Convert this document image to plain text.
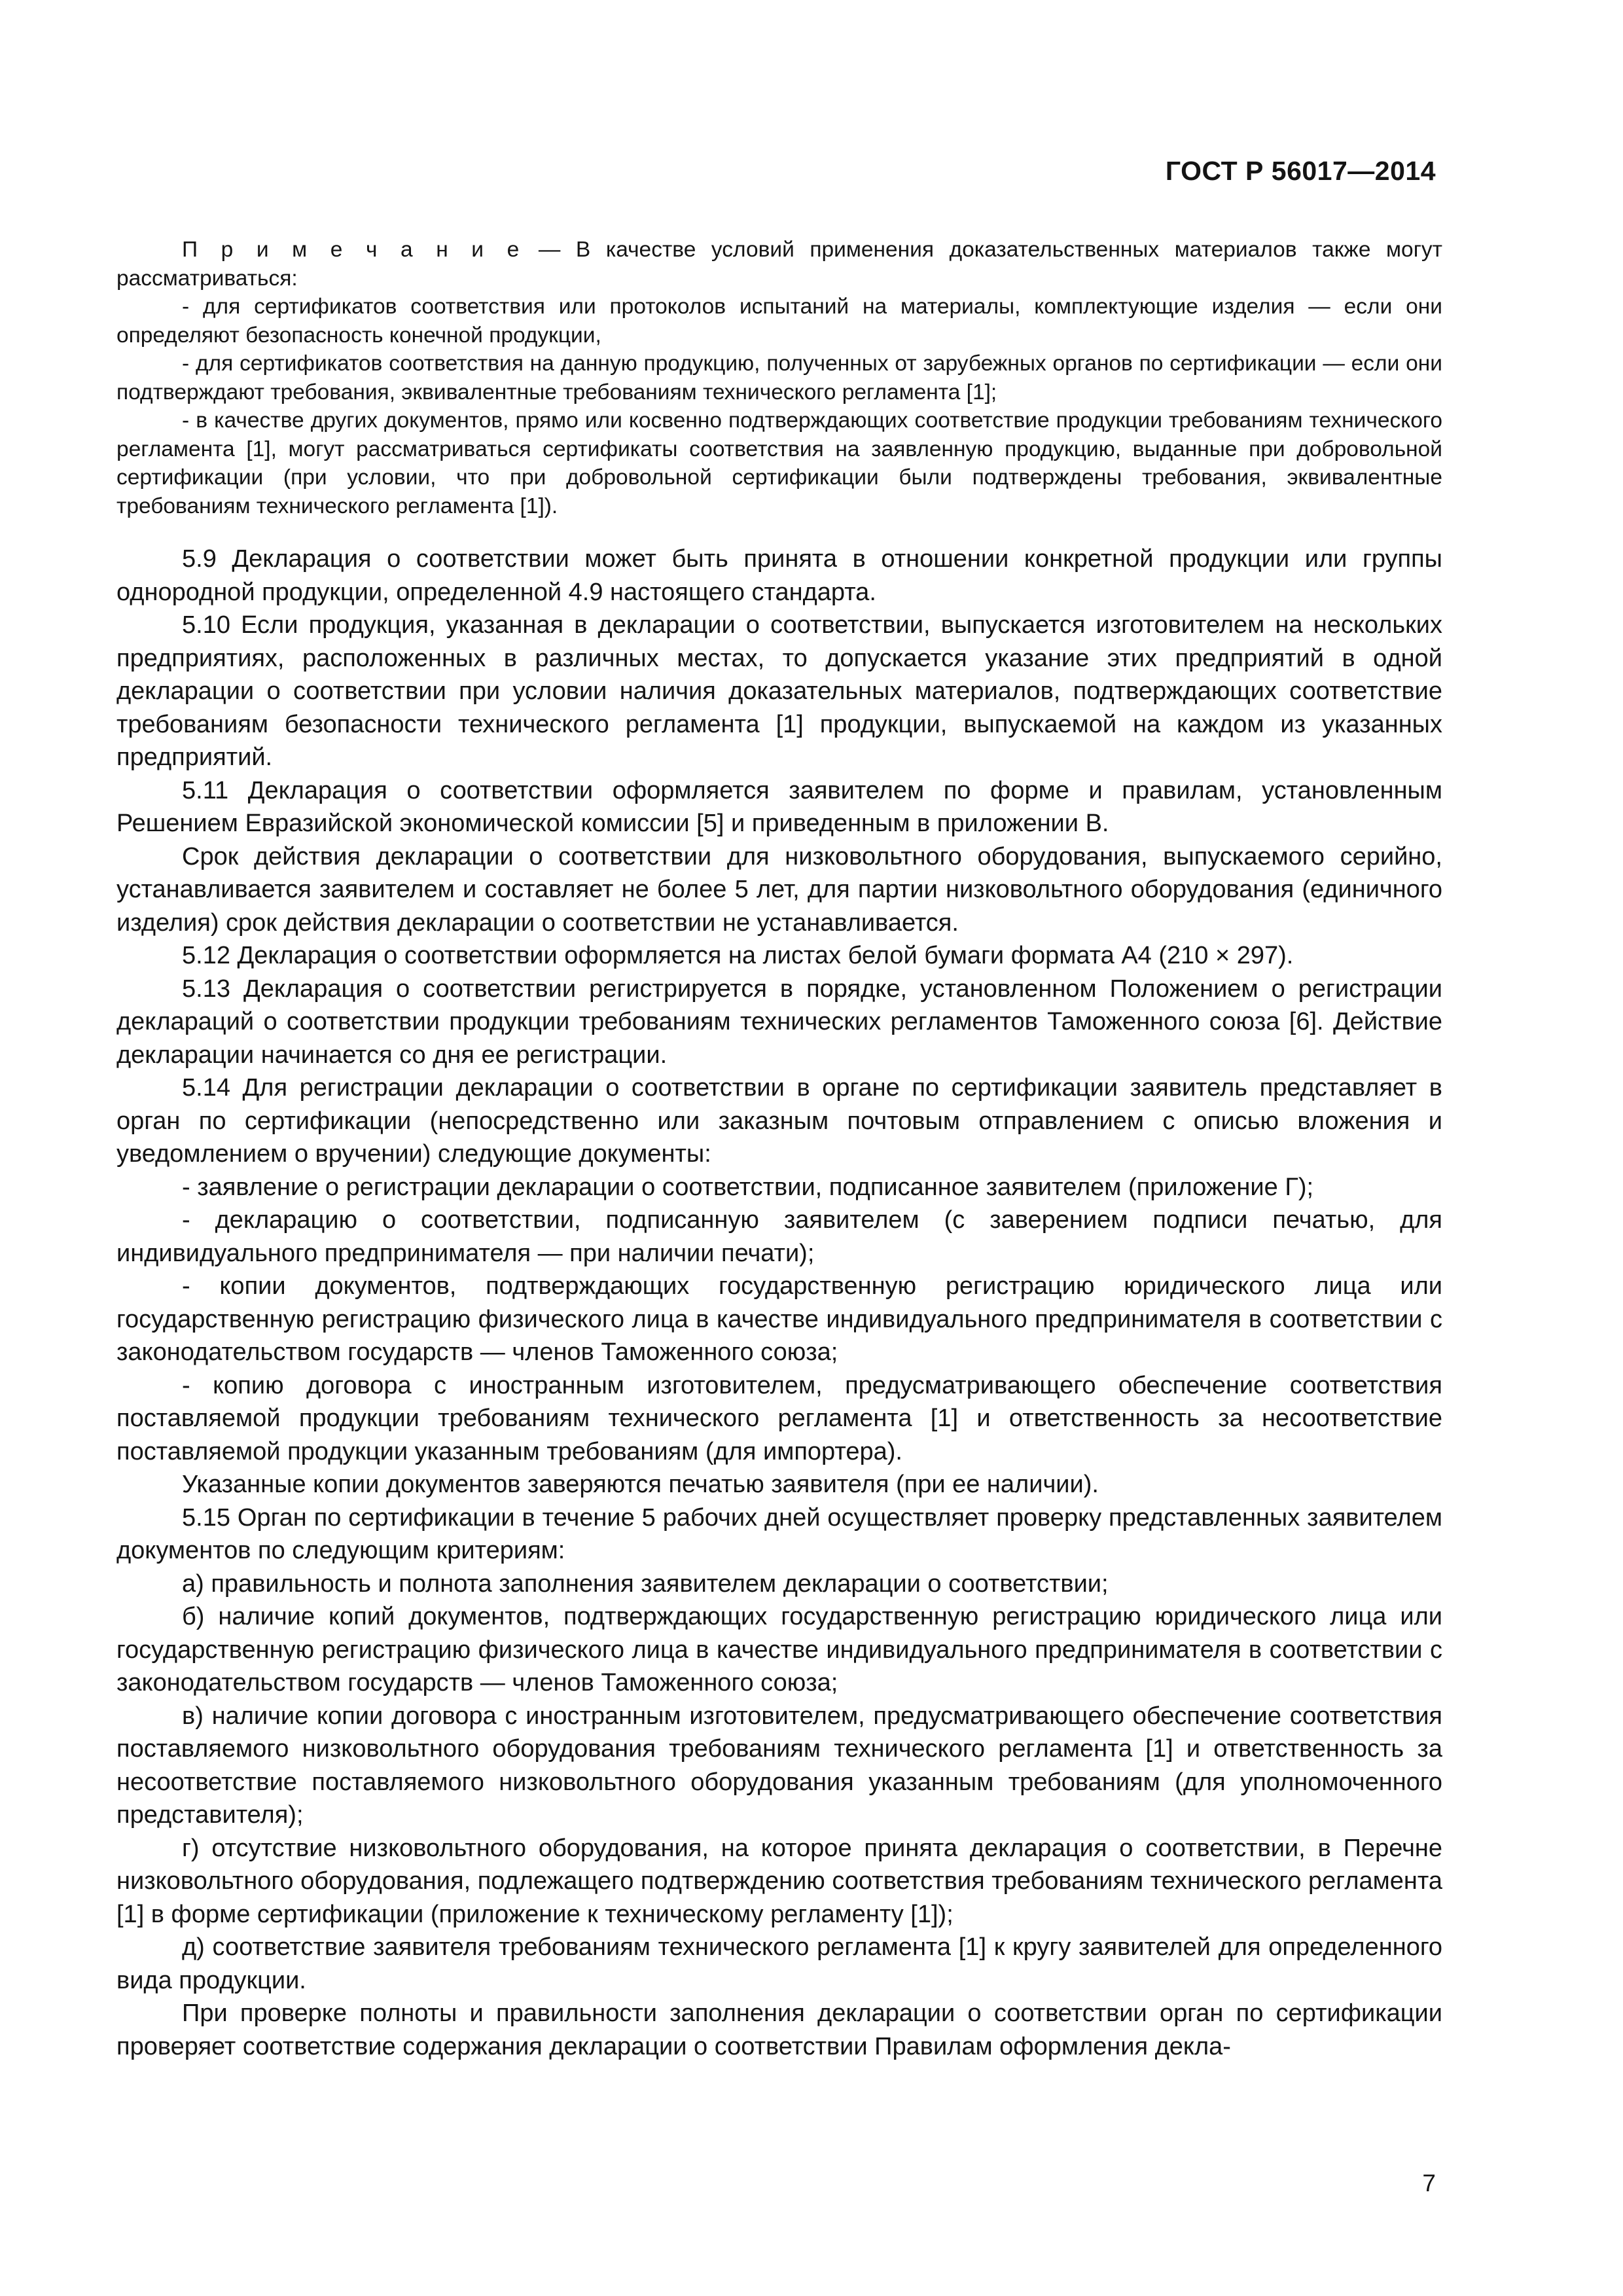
ГОСТ Р 56017—2014

П р и м е ч а н и е — В качестве условий применения доказательственных материалов также могут рассматриваться:

- для сертификатов соответствия или протоколов испытаний на материалы, комплектующие изделия — если они определяют безопасность конечной продукции,

- для сертификатов соответствия на данную продукцию, полученных от зарубежных органов по сертификации — если они подтверждают требования, эквивалентные требованиям технического регламента [1];

- в качестве других документов, прямо или косвенно подтверждающих соответствие продукции требованиям технического регламента [1], могут рассматриваться сертификаты соответствия на заявленную продукцию, выданные при добровольной сертификации (при условии, что при добровольной сертификации были подтверждены требования, эквивалентные требованиям технического регламента [1]).

5.9 Декларация о соответствии может быть принята в отношении конкретной продукции или группы однородной продукции, определенной 4.9 настоящего стандарта.

5.10 Если продукция, указанная в декларации о соответствии, выпускается изготовителем на нескольких предприятиях, расположенных в различных местах, то допускается указание этих предприятий в одной декларации о соответствии при условии наличия доказательных материалов, подтверждающих соответствие требованиям безопасности технического регламента [1] продукции, выпускаемой на каждом из указанных предприятий.

5.11 Декларация о соответствии оформляется заявителем по форме и правилам, установленным Решением Евразийской экономической комиссии [5] и приведенным в приложении В.

Срок действия декларации о соответствии для низковольтного оборудования, выпускаемого серийно, устанавливается заявителем и составляет не более 5 лет, для партии низковольтного оборудования (единичного изделия) срок действия декларации о соответствии не устанавливается.

5.12 Декларация о соответствии оформляется на листах белой бумаги формата А4 (210 × 297).

5.13 Декларация о соответствии регистрируется в порядке, установленном Положением о регистрации деклараций о соответствии продукции требованиям технических регламентов Таможенного союза [6]. Действие декларации начинается со дня ее регистрации.

5.14 Для регистрации декларации о соответствии в органе по сертификации заявитель представляет в орган по сертификации (непосредственно или заказным почтовым отправлением с описью вложения и уведомлением о вручении) следующие документы:

- заявление о регистрации декларации о соответствии, подписанное заявителем (приложение Г);

- декларацию о соответствии, подписанную заявителем (с заверением подписи печатью, для индивидуального предпринимателя — при наличии печати);

- копии документов, подтверждающих государственную регистрацию юридического лица или государственную регистрацию физического лица в качестве индивидуального предпринимателя в соответствии с законодательством государств — членов Таможенного союза;

- копию договора с иностранным изготовителем, предусматривающего обеспечение соответствия поставляемой продукции требованиям технического регламента [1] и ответственность за несоответствие поставляемой продукции указанным требованиям (для импортера).

Указанные копии документов заверяются печатью заявителя (при ее наличии).

5.15 Орган по сертификации в течение 5 рабочих дней осуществляет проверку представленных заявителем документов по следующим критериям:

а) правильность и полнота заполнения заявителем декларации о соответствии;

б) наличие копий документов, подтверждающих государственную регистрацию юридического лица или государственную регистрацию физического лица в качестве индивидуального предпринимателя в соответствии с законодательством государств — членов Таможенного союза;

в) наличие копии договора с иностранным изготовителем, предусматривающего обеспечение соответствия поставляемого низковольтного оборудования требованиям технического регламента [1] и ответственность за несоответствие поставляемого низковольтного оборудования указанным требованиям (для уполномоченного представителя);

г) отсутствие низковольтного оборудования, на которое принята декларация о соответствии, в Перечне низковольтного оборудования, подлежащего подтверждению соответствия требованиям технического регламента [1] в форме сертификации (приложение к техническому регламенту [1]);

д) соответствие заявителя требованиям технического регламента [1] к кругу заявителей для определенного вида продукции.

При проверке полноты и правильности заполнения декларации о соответствии орган по сертификации проверяет соответствие содержания декларации о соответствии Правилам оформления декла-

7
